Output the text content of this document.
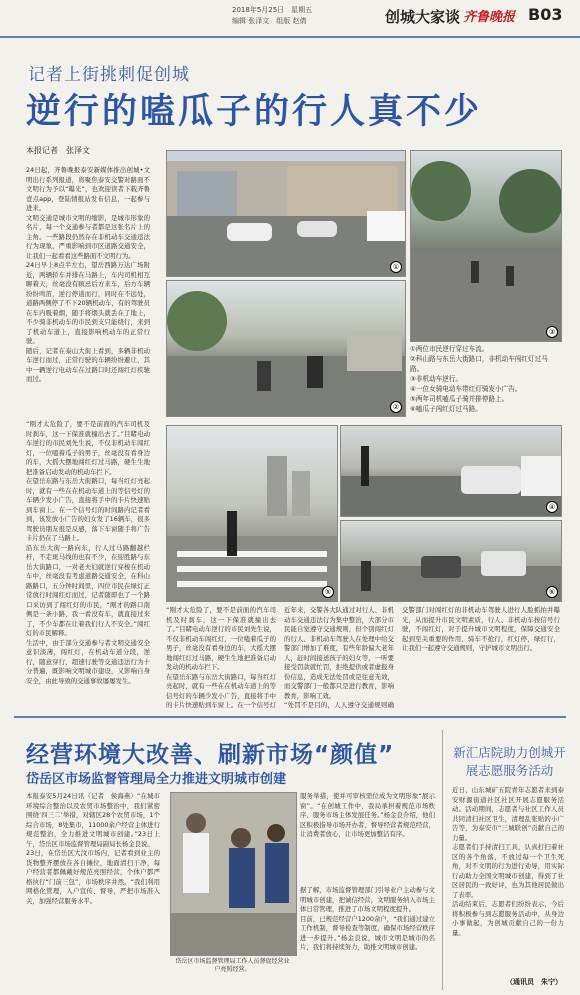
2018年5月25日　星期五
编辑 张泽文　组版 赵倩	创城大家谈 齐鲁晚报 B03
记者上街挑刺促创城
逆行的嗑瓜子的行人真不少
本报记者　张泽文
24日起，齐鲁晚报泰安新媒体推出创城•文明出行系列报道，将聚焦泰安交警对路面不文明行为予以“曝光”，也欢迎读者下载齐鲁壹点app，登陆情报站发布信息，一起参与进来。
文明交通是城市文明的缩影，是城市形象的名片，每一个交通参与者都是这张名片上的主角。一些路段仍然存在非机动车交通违法行为现象，严重影响到市区道路交通安全，让我们一起看看这些路面不文明行为。
24日早上8点半左右，望岳西路万达广场附近，两辆轿车并排在马路上，车内司机相互聊着天，丝毫没有顾忌后方来车，后方车辆纷纷鸣笛，逆行停道而行，同时在不远处，道路两侧停了不下20辆机动车，有的驾驶员在车内吸着烟，随手将烟头就丢在了地上，不少骑非机动车的市民到支只能绕行，来到了机动车道上，直接影响机动车的正常行驶。
随后，记者在泰山大街上看到，多辆非机动车逆行而过，正常行驶的车辆纷纷避让，其中一辆逆行电动车在过路口时还闯红灯疾驰而过。
“刚才太危险了，要不是前面的汽车司机及时刹车，这一下保准就撞出去了。”目睹电动车逆行的市民刘先生说，不仅非机动车闯红灯，一位嗑着瓜子的男子，丝毫没有看身边的车，大摇大摆地闯红灯过马路，硬生生地把准备启动发动的机动车拦下。
在望岳东路与东岳大街路口，每当红灯亮起时，就有一些在在机动车道上的等信号灯的车辆少发小广告，直接将手中的卡片快速贴到车窗上。在一个信号灯的时间路内记者看到，该发放小广告的妇女发了16辆车，很多驾驶员朋友很是反感，落下车窗随手将广告卡片扔在了马路上。
沿东岳大街一路向东，行人过马路翻越栏杆，不走斑马线的也有不少，在迎胜路与东岳大街路口，一对老夫妇就逆行穿梭在机动车中，丝毫没有考虑道路交通安全，在科山路路口，五分钟时间里，四位市民在绿灯正常放行时闯红灯而过，记者随即也了一个路口采访到了闯红灯的市民，“刚才的路口南侧是一条小路，我一看没有车，就直接过来了，不少车都在让着我们行人不安全。”闯红灯的市民解释。
生活中，由于部分交通参与者文明交通安全意识淡薄，闯红灯，在机动车道分段，逆行，随意穿行，超速行驶等交通违法行为十分普遍，既影响文明城市建设，又影响自身安全，由此导致的交通事故屡屡发生。
①
③
②
①两位市民逆行穿过车流。
②科山路与东岳大街路口，非机动车闯红灯过马路。
③非机动车逆行。
④一位女骑电动车带红灯骑发小广告。
⑤两年司机嗑瓜子骑并排停路上。
⑥嗑瓜子闯红灯过马路。
④
⑤	⑥
“刚才太危险了，要不是前面的汽车司机及时刹车，这一下保准就撞出去了。”目睹电动车逆行的市民刘先生说，不仅非机动车闯红灯，一位嗑着瓜子的男子，丝毫没有看身边的车，大摇大摆地闯红灯过马路，硬生生地把准备启动发动的机动车拦下。
在望岳东路与东岳大街路口，每当红灯亮起时，就有一些在在机动车道上的等信号灯的车辆少发小广告，直接将手中的卡片快速贴到车窗上。在一个信号灯

近年来，交警各大队通过对行人、非机动车交通违法行为集中整治，大部分市民能自觉遵守交通规则，但个别闯红灯的行人、非机动车驾驶人在处理中给交警部门增加了难度，有些年龄偏大老年人，赶时间接送孩子的妇女等，一听要接受罚款就忙罚，拒绝提供或者虚报身份信息，造成无法处罚或是往意无效，而交警部门一般都只是进行教育，影响教育，影响工效。
“处罚不是目的，人人遵守交通规则确
交警部门对闯红灯的非机动车驾驶人进行人脸抓拍并曝光，从而提升市民文明素质，行人、非机动车按信号行驶，不闯红灯，对于提升城市文明程度，保障交通安全起到至关重要的作用，骑车不抢行，红灯停，绿灯行，让我们一起遵守交通规则，守护城市文明出行。
经营环境大改善、刷新市场“颜值”
岱岳区市场监督管理局全力推进文明城市创建
本报泰安5月24日讯（记者　侯海燕）“在城市环境综合整治以及农贸市场整治中，我们紧密围绕‘四三二’举措，对辖区28个农贸市场，1个综合市场，8处集市，11000余户经营主体进行规范整治，全力推进文明城市创建。”23日上午，岱岳区市场监督管理局副局长杨金良说。
23日，在岱岳区大汶市场内，记者看到业主的货物整齐摆放在各自摊位，地面清扫干净，每户经营者都佩戴好规范亮照经营，个体户都严格执行“门前三包”，市场秩序井然。“我们利用网格化管理，入户宣传、督导，严把市场准入关，加强经营服务水平。
岱岳区市场监督管理局工作人员督促经营业户亮照经营。
服务举措，使并可审核需位成为文明形象“展示窗”。“在创城工作中，我局承担着规范市场秩序、服务市场主体发展任务。”杨金良介绍，他们区积极指导市场开办者，督导经营者规范经营，让消费者放心，让市场更加整洁有序。
据了解，市场监督管理部门引导业户主动参与文明城市创建，把诚信经营，文明服务纳入市场主体日常管理，推进了市场文明程度提升。
目前，已规范经营户1200余户，“我们通过建立工作机制，督导检查等制度，确保市场经营秩序进一步提升。”杨金良说，城市文明是城市的名片，我们将持续努力，助推文明城市创建。
新汇店院助力创城开展志愿服务活动
近日，山东城矿五院青年志愿者来到泰安财源街道社区社区开展志愿服务活动。活动期间，志愿者与社区工作人员共同清扫社区卫生，清理乱张贴的小广告等，为泰安市“三城联创”贡献自己的力量。
志愿者们手持清扫工具，认真打扫着社区的各个角落，不放过每一个卫生死角，对不文明的行为进行劝导，用实际行动助力全国文明城市创建，得到了社区居民的一致好评，也为其他居民做出了表率。
活动结束后，志愿者们纷纷表示，今后将积极参与到志愿服务活动中，从身边小事做起，为创城贡献自己的一份力量。
（通讯员　朱宁）
